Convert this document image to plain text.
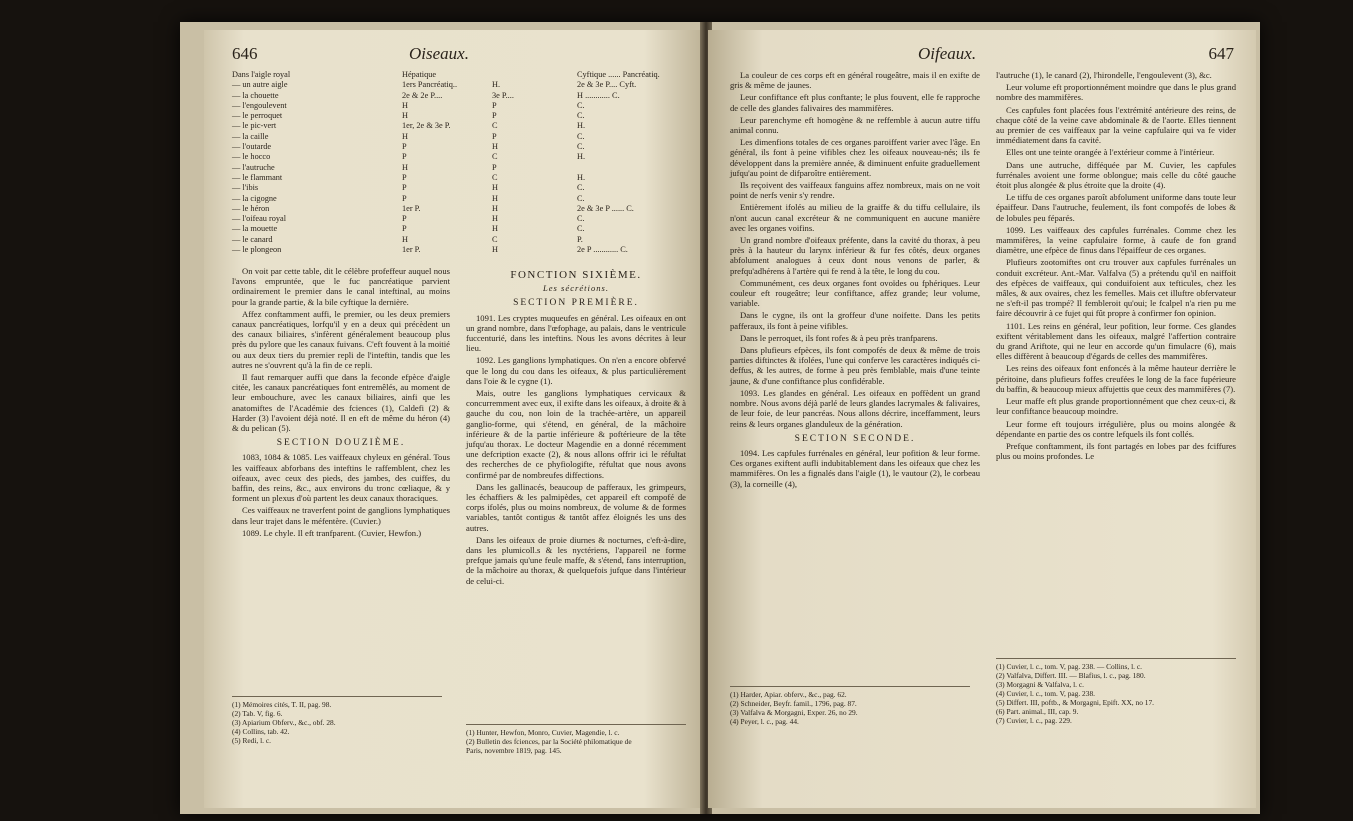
646	Oiseaux.
Dans l'aigle royal	Hépatique		Cyftique ...... Pancréatiq.
— un autre aigle	1ers Pancréatiq..	H.	2e & 3e P.... Cyft.
— la chouette	2e & 2e P....	3e P....	H ............ C.
— l'engoulevent	H	P	C.
— le perroquet	H	P	C.
— le pic-vert	1er, 2e & 3e P.	C	H.
— la caille	H	P	C.
— l'outarde	P	H	C.
— le hocco	P	C	H.
— l'autruche	H	P	
— le flammant	P	C	H.
— l'ibis	P	H	C.
— la cigogne	P	H	C.
— le héron	1er P.	H	2e & 3e P ...... C.
— l'oifeau royal	P	H	C.
— la mouette	P	H	C.
— le canard	H	C	P.
— le plongeon	1er P.	H	2e P ............ C.

On voit par cette table, dit le célèbre profeffeur auquel nous l'avons empruntée, que le fuc pancréatique parvient ordinairement le premier dans le canal inteftinal, au moins pour la grande partie, & la bile cyftique la dernière.

Affez conftamment auffi, le premier, ou les deux premiers canaux pancréatiques, lorfqu'il y en a deux qui précèdent un des canaux biliaires, s'infèrent généralement beaucoup plus près du pylore que les canaux fuivans. C'eft fouvent à la moitié ou aux deux tiers du premier repli de l'inteftin, tandis que les autres ne s'ouvrent qu'à la fin de ce repli.

Il faut remarquer auffi que dans la feconde efpèce d'aigle citée, les canaux pancréatiques font entremêlés, au moment de leur embouchure, avec les canaux biliaires, ainfi que les anatomiftes de l'Académie des fciences (1), Caldefi (2) & Harder (3) l'avoient déjà noté. Il en eft de même du héron (4) & du pelican (5).

SECTION DOUZIÈME.

1083, 1084 & 1085. Les vaiffeaux chyleux en général. Tous les vaiffeaux abforbans des inteftins le raffemblent, chez les oifeaux, avec ceux des pieds, des jambes, des cuiffes, du baffin, des reins, &c., aux environs du tronc cœliaque, & y forment un plexus d'où partent les deux canaux thoraciques.

Ces vaiffeaux ne traverfent point de ganglions lymphatiques dans leur trajet dans le méfentère. (Cuvier.)

1089. Le chyle. Il eft tranfparent. (Cuvier, Hewfon.)

(1) Mémoires cités, T. II, pag. 98.
(2) Tab. V, fig. 6.
(3) Apiarium Obferv., &c., obf. 28.
(4) Collins, tab. 42.
(5) Redi, l. c.
FONCTION SIXIÈME.
Les sécrétions.
SECTION PREMIÈRE.

1091. Les cryptes muqueufes en général. Les oifeaux en ont un grand nombre, dans l'œfophage, au palais, dans le ventricule fuccenturié, dans les inteftins. Nous les avons décrites à leur lieu.

1092. Les ganglions lymphatiques. On n'en a encore obfervé que le long du cou dans les oifeaux, & plus particulièrement dans l'oie & le cygne (1).

Mais, outre les ganglions lymphatiques cervicaux & concurremment avec eux, il exifte dans les oifeaux, à droite & à gauche du cou, non loin de la trachée-artère, un appareil ganglio-forme, qui s'étend, en général, de la mâchoire inférieure & de la partie inférieure & poftérieure de la tête jufqu'au thorax. Le docteur Magendie en a donné récemment une defcription exacte (2), & nous allons offrir ici le réfultat des recherches de ce phyfiologifte, réfultat que nous avons confirmé par de nombreufes diffections.

Dans les gallinacés, beaucoup de pafferaux, les grimpeurs, les échaffiers & les palmipèdes, cet appareil eft compofé de corps ifolés, plus ou moins nombreux, de volume & de formes variables, tantôt contigus & tantôt affez éloignés les uns des autres.

Dans les oifeaux de proie diurnes & nocturnes, c'eft-à-dire, dans les plumicoll.s & les nyctériens, l'appareil ne forme prefque jamais qu'une feule maffe, & s'étend, fans interruption, de la mâchoire au thorax, & quelquefois jufque dans l'intérieur de celui-ci.

(1) Hunter, Hewfon, Monro, Cuvier, Magendie, l. c.
(2) Bulletin des fciences, par la Société philomatique de
Paris, novembre 1819, pag. 145.
Oifeaux.	647

La couleur de ces corps eft en général rougeâtre, mais il en exifte de gris & même de jaunes.

Leur confiftance eft plus conftante; le plus fouvent, elle fe rapproche de celle des glandes falivaires des mammifères.

Leur parenchyme eft homogène & ne reffemble à aucun autre tiffu animal connu.

Les dimenfions totales de ces organes paroiffent varier avec l'âge. En général, ils font à peine vifibles chez les oifeaux nouveau-nés; ils fe développent dans la première année, & diminuent enfuite graduellement jufqu'au point de difparoître entièrement.

Ils reçoivent des vaiffeaux fanguins affez nombreux, mais on ne voit point de nerfs venir s'y rendre.

Entièrement ifolés au milieu de la graiffe & du tiffu cellulaire, ils n'ont aucun canal excréteur & ne communiquent en aucune manière avec les organes voifins.

Un grand nombre d'oifeaux préfente, dans la cavité du thorax, à peu près à la hauteur du larynx inférieur & fur fes côtés, deux organes abfolument analogues à ceux dont nous venons de parler, & prefqu'adhérens à l'artère qui fe rend à la tête, le long du cou.

Communément, ces deux organes font ovoïdes ou fphériques. Leur couleur eft rougeâtre; leur confiftance, affez grande; leur volume, variable.

Dans le cygne, ils ont la groffeur d'une noifette. Dans les petits pafferaux, ils font à peine vifibles.

Dans le perroquet, ils font rofes & à peu près tranfparens.

Dans plufieurs efpèces, ils font compofés de deux & même de trois parties diftinctes & ifolées, l'une qui conferve les caractères indiqués ci-deffus, & les autres, de forme à peu près femblable, mais d'une teinte jaune, & d'une confiftance plus confidérable.

1093. Les glandes en général. Les oifeaux en poffèdent un grand nombre. Nous avons déjà parlé de leurs glandes lacrymales & falivaires, de leur foie, de leur pancréas. Nous allons décrire, inceffamment, leurs reins & leurs organes glanduleux de la génération.

SECTION SECONDE.

1094. Les capfules furrénales en général, leur pofition & leur forme. Ces organes exiftent aufli indubitablement dans les oifeaux que chez les mammifères. On les a fignalés dans l'aigle (1), le vautour (2), le corbeau (3), la corneille (4),

(1) Harder, Apiar. obferv., &c., pag. 62.
(2) Schneider, Beyfr. famil., 1796, pag. 87.
(3) Valfalva & Morgagni, Exper. 26, no 29.
(4) Peyer, l. c., pag. 44.

l'autruche (1), le canard (2), l'hirondelle, l'engoulevent (3), &c.

Leur volume eft proportionnément moindre que dans le plus grand nombre des mammifères.

Ces capfules font placées fous l'extrémité antérieure des reins, de chaque côté de la veine cave abdominale & de l'aorte. Elles tiennent au premier de ces vaiffeaux par la veine capfulaire qui va fe vider immédiatement dans fa cavité.

Elles ont une teinte orangée à l'extérieur comme à l'intérieur.

Dans une autruche, difféquée par M. Cuvier, les capfules furrénales avoient une forme oblongue; mais celle du côté gauche étoit plus alongée & plus étroite que la droite (4).

Le tiffu de ces organes paroît abfolument uniforme dans toute leur épaiffeur. Dans l'autruche, feulement, ils font compofés de lobes & de lobules peu féparés.

1099. Les vaiffeaux des capfules furrénales. Comme chez les mammifères, la veine capfulaire forme, à caufe de fon grand diamètre, une efpèce de finus dans l'épaiffeur de ces organes.

Plufieurs zootomiftes ont cru trouver aux capfules furrénales un conduit excréteur. Ant.-Mar. Valfalva (5) a prétendu qu'il en naiffoit des efpèces de vaiffeaux, qui conduifoient aux tefticules, chez les mâles, & aux ovaires, chez les femelles. Mais cet illuftre obfervateur ne s'eft-il pas trompé? Il fembleroit qu'oui; le fcalpel n'a rien pu me faire découvrir à ce fujet qui fût propre à confirmer fon opinion.

1101. Les reins en général, leur pofition, leur forme. Ces glandes exiftent véritablement dans les oifeaux, malgré l'affertion contraire du grand Ariftote, qui ne leur en accorde qu'un fimulacre (6), mais elles diffèrent à beaucoup d'égards de celles des mammifères.

Les reins des oifeaux font enfoncés à la même hauteur derrière le péritoine, dans plufieurs foffes creufées le long de la face fupérieure du baffin, & beaucoup mieux affujettis que ceux des mammifères (7).

Leur maffe eft plus grande proportionnément que chez ceux-ci, & leur confiftance beaucoup moindre.

Leur forme eft toujours irrégulière, plus ou moins alongée & dépendante en partie des os contre lefquels ils font collés.

Prefque conftamment, ils font partagés en lobes par des fciffures plus ou moins profondes. Le

(1) Cuvier, l. c., tom. V, pag. 238. — Collins, l. c.
(2) Valfalva, Differt. III. — Blafius, l. c., pag. 180.
(3) Morgagni & Valfalva, l. c.
(4) Cuvier, l. c., tom. V, pag. 238.
(5) Differt. III, poftb., & Morgagni, Epift. XX, no 17.
(6) Part. animal., III, cap. 9.
(7) Cuvier, l. c., pag. 229.
